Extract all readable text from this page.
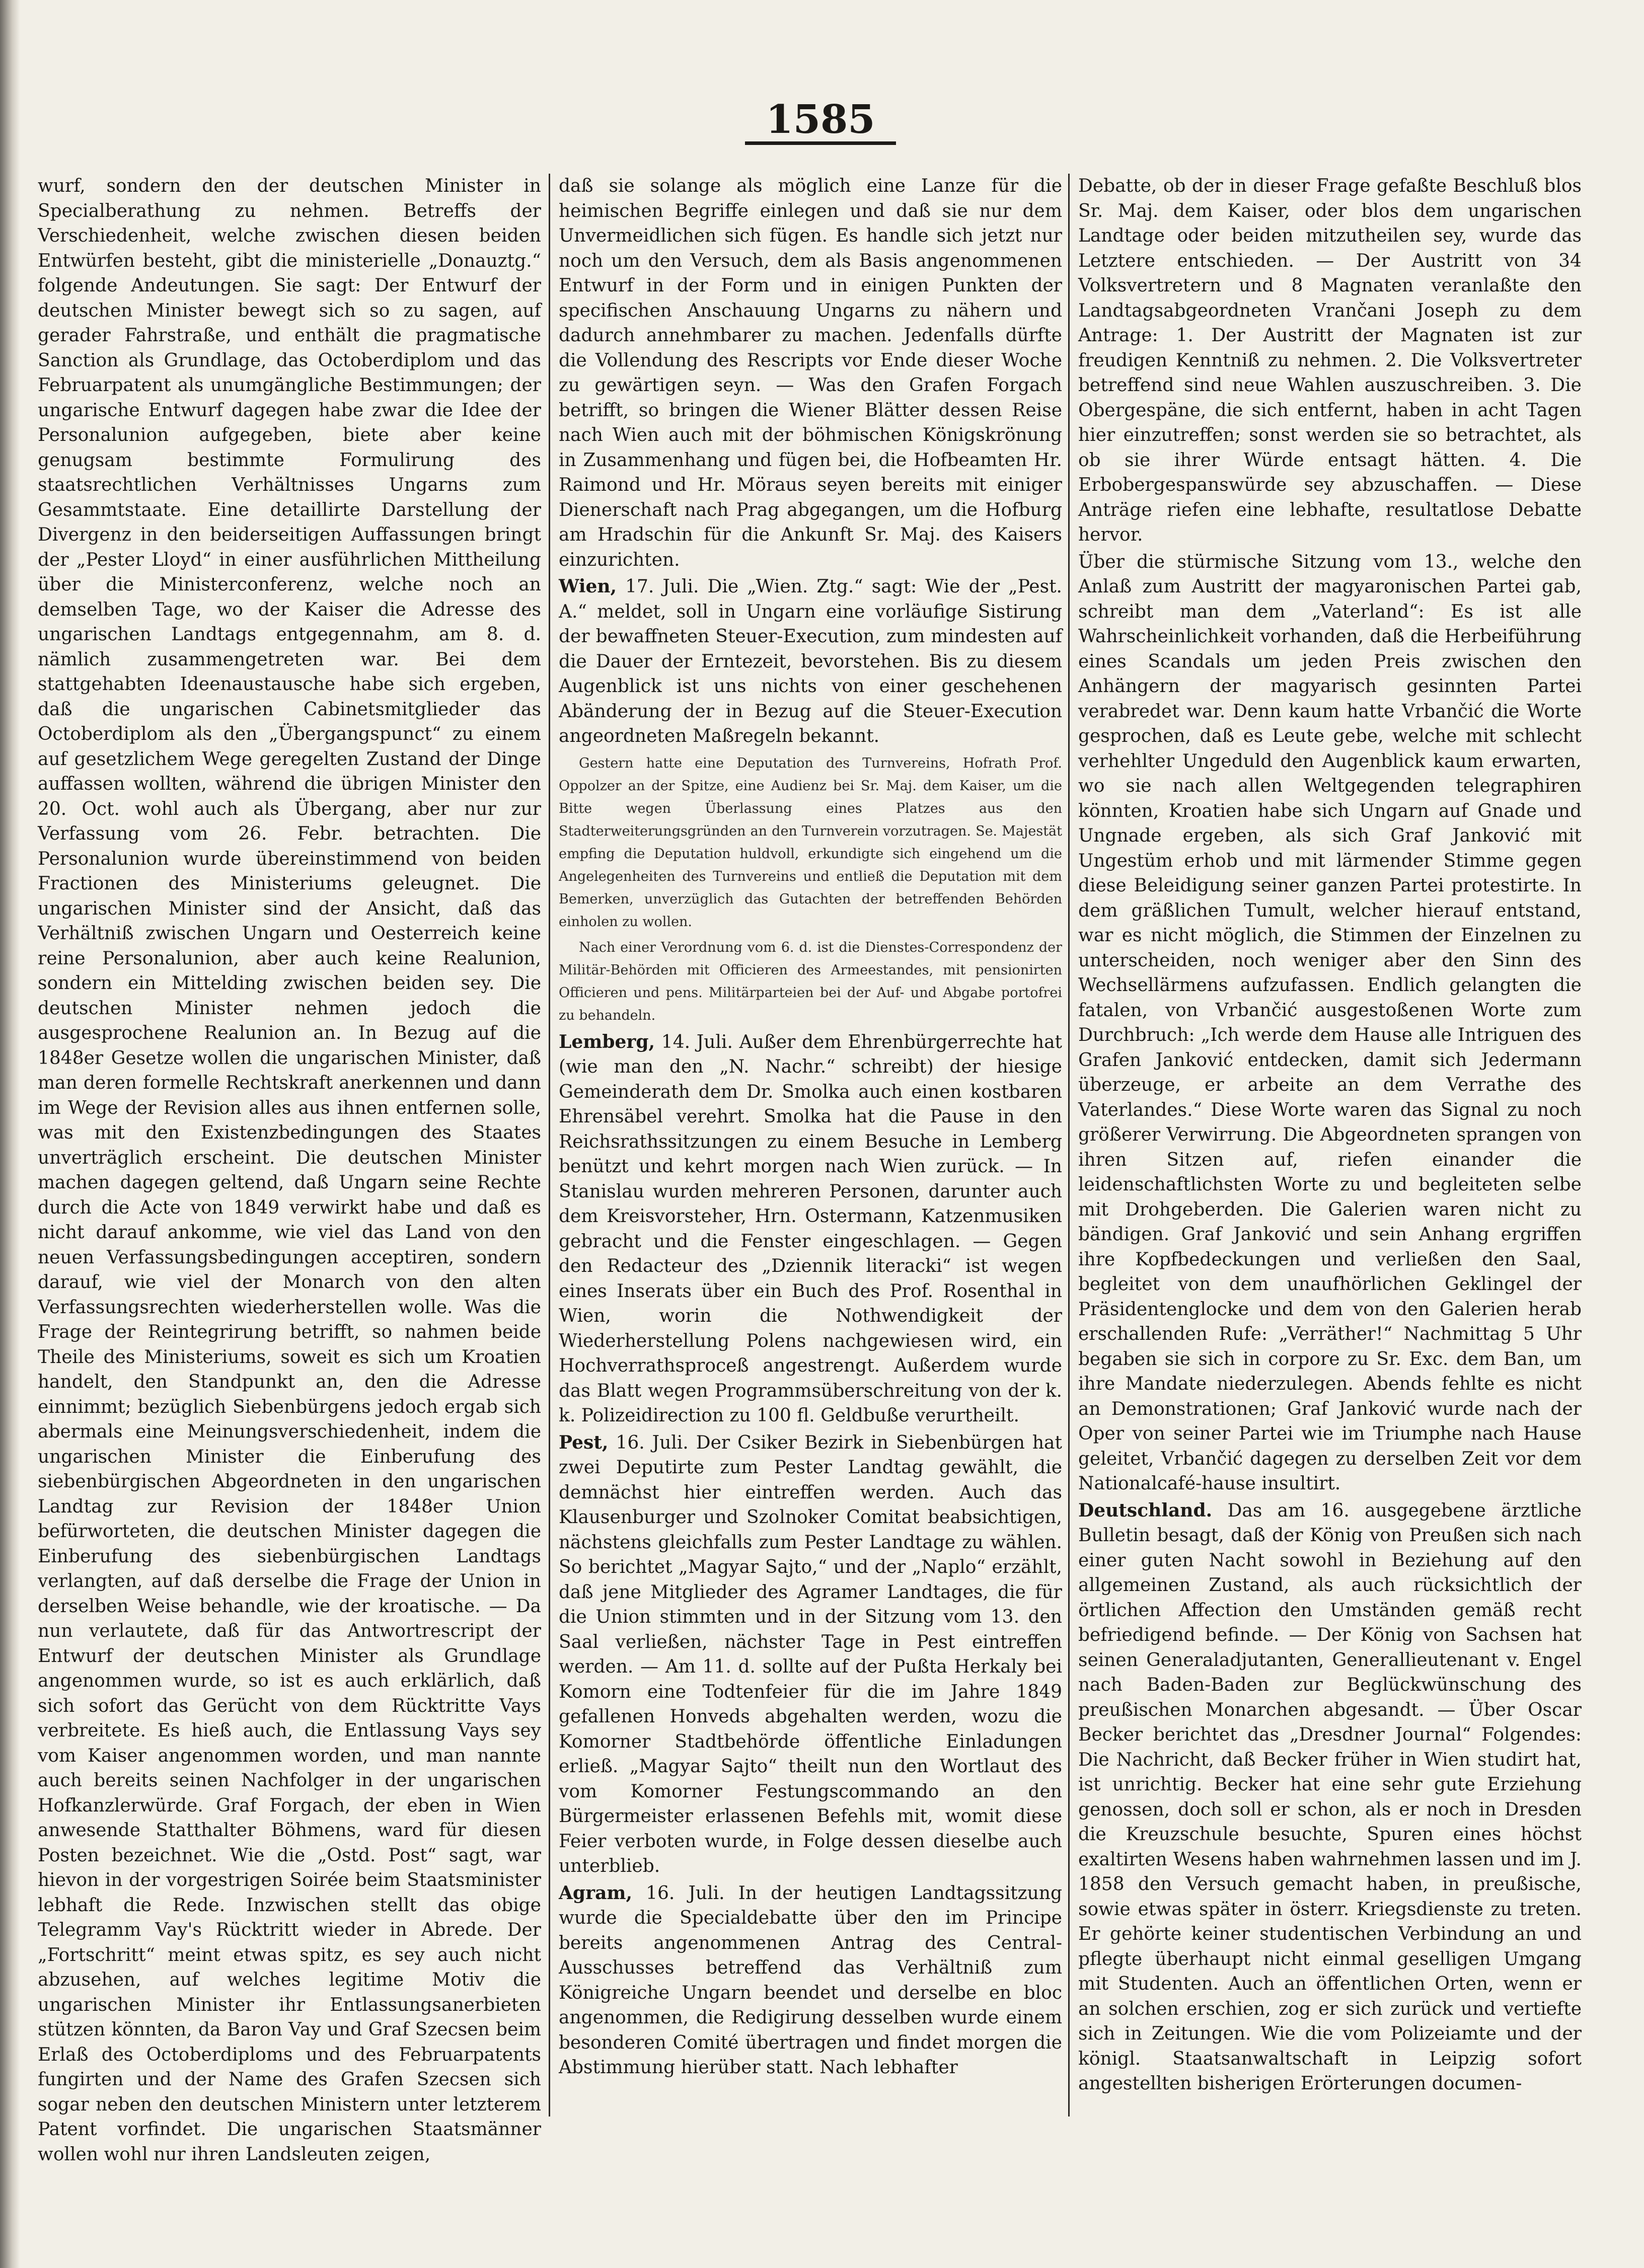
1585

wurf, sondern den der deutschen Minister in Specialberathung zu nehmen. Betreffs der Verschiedenheit, welche zwischen diesen beiden Entwürfen besteht, gibt die ministerielle „Donauztg.“ folgende Andeutungen. Sie sagt: Der Entwurf der deutschen Minister bewegt sich so zu sagen, auf gerader Fahrstraße, und enthält die pragmatische Sanction als Grundlage, das Octoberdiplom und das Februarpatent als unumgängliche Bestimmungen; der ungarische Entwurf dagegen habe zwar die Idee der Personalunion aufgegeben, biete aber keine genugsam bestimmte Formulirung des staatsrechtlichen Verhältnisses Ungarns zum Gesammtstaate. Eine detaillirte Darstellung der Divergenz in den beiderseitigen Auffassungen bringt der „Pester Lloyd“ in einer ausführlichen Mittheilung über die Ministerconferenz, welche noch an demselben Tage, wo der Kaiser die Adresse des ungarischen Landtags entgegennahm, am 8. d. nämlich zusammengetreten war. Bei dem stattgehabten Ideenaustausche habe sich ergeben, daß die ungarischen Cabinetsmitglieder das Octoberdiplom als den „Übergangspunct“ zu einem auf gesetzlichem Wege geregelten Zustand der Dinge auffassen wollten, während die übrigen Minister den 20. Oct. wohl auch als Übergang, aber nur zur Verfassung vom 26. Febr. betrachten. Die Personalunion wurde übereinstimmend von beiden Fractionen des Ministeriums geleugnet. Die ungarischen Minister sind der Ansicht, daß das Verhältniß zwischen Ungarn und Oesterreich keine reine Personalunion, aber auch keine Realunion, sondern ein Mittelding zwischen beiden sey. Die deutschen Minister nehmen jedoch die ausgesprochene Realunion an. In Bezug auf die 1848er Gesetze wollen die ungarischen Minister, daß man deren formelle Rechtskraft anerkennen und dann im Wege der Revision alles aus ihnen entfernen solle, was mit den Existenzbedingungen des Staates unverträglich erscheint. Die deutschen Minister machen dagegen geltend, daß Ungarn seine Rechte durch die Acte von 1849 verwirkt habe und daß es nicht darauf ankomme, wie viel das Land von den neuen Verfassungsbedingungen acceptiren, sondern darauf, wie viel der Monarch von den alten Verfassungsrechten wiederherstellen wolle. Was die Frage der Reintegrirung betrifft, so nahmen beide Theile des Ministeriums, soweit es sich um Kroatien handelt, den Standpunkt an, den die Adresse einnimmt; bezüglich Siebenbürgens jedoch ergab sich abermals eine Meinungsverschiedenheit, indem die ungarischen Minister die Einberufung des siebenbürgischen Abgeordneten in den ungarischen Landtag zur Revision der 1848er Union befürworteten, die deutschen Minister dagegen die Einberufung des siebenbürgischen Landtags verlangten, auf daß derselbe die Frage der Union in derselben Weise behandle, wie der kroatische. — Da nun verlautete, daß für das Antwortrescript der Entwurf der deutschen Minister als Grundlage angenommen wurde, so ist es auch erklärlich, daß sich sofort das Gerücht von dem Rücktritte Vays verbreitete. Es hieß auch, die Entlassung Vays sey vom Kaiser angenommen worden, und man nannte auch bereits seinen Nachfolger in der ungarischen Hofkanzlerwürde. Graf Forgach, der eben in Wien anwesende Statthalter Böhmens, ward für diesen Posten bezeichnet. Wie die „Ostd. Post“ sagt, war hievon in der vorgestrigen Soirée beim Staatsminister lebhaft die Rede. Inzwischen stellt das obige Telegramm Vay's Rücktritt wieder in Abrede. Der „Fortschritt“ meint etwas spitz, es sey auch nicht abzusehen, auf welches legitime Motiv die ungarischen Minister ihr Entlassungsanerbieten stützen könnten, da Baron Vay und Graf Szecsen beim Erlaß des Octoberdiploms und des Februarpatents fungirten und der Name des Grafen Szecsen sich sogar neben den deutschen Ministern unter letzterem Patent vorfindet. Die ungarischen Staatsmänner wollen wohl nur ihren Landsleuten zeigen,

daß sie solange als möglich eine Lanze für die heimischen Begriffe einlegen und daß sie nur dem Unvermeidlichen sich fügen. Es handle sich jetzt nur noch um den Versuch, dem als Basis angenommenen Entwurf in der Form und in einigen Punkten der specifischen Anschauung Ungarns zu nähern und dadurch annehmbarer zu machen. Jedenfalls dürfte die Vollendung des Rescripts vor Ende dieser Woche zu gewärtigen seyn. — Was den Grafen Forgach betrifft, so bringen die Wiener Blätter dessen Reise nach Wien auch mit der böhmischen Königskrönung in Zusammenhang und fügen bei, die Hofbeamten Hr. Raimond und Hr. Möraus seyen bereits mit einiger Dienerschaft nach Prag abgegangen, um die Hofburg am Hradschin für die Ankunft Sr. Maj. des Kaisers einzurichten.

Wien, 17. Juli. Die „Wien. Ztg.“ sagt: Wie der „Pest. A.“ meldet, soll in Ungarn eine vorläufige Sistirung der bewaffneten Steuer-Execution, zum mindesten auf die Dauer der Erntezeit, bevorstehen. Bis zu diesem Augenblick ist uns nichts von einer geschehenen Abänderung der in Bezug auf die Steuer-Execution angeordneten Maßregeln bekannt.

Gestern hatte eine Deputation des Turnvereins, Hofrath Prof. Oppolzer an der Spitze, eine Audienz bei Sr. Maj. dem Kaiser, um die Bitte wegen Überlassung eines Platzes aus den Stadterweiterungsgründen an den Turnverein vorzutragen. Se. Majestät empfing die Deputation huldvoll, erkundigte sich eingehend um die Angelegenheiten des Turnvereins und entließ die Deputation mit dem Bemerken, unverzüglich das Gutachten der betreffenden Behörden einholen zu wollen.

Nach einer Verordnung vom 6. d. ist die Dienstes-Correspondenz der Militär-Behörden mit Officieren des Armeestandes, mit pensionirten Officieren und pens. Militärparteien bei der Auf- und Abgabe portofrei zu behandeln.

Lemberg, 14. Juli. Außer dem Ehrenbürgerrechte hat (wie man den „N. Nachr.“ schreibt) der hiesige Gemeinderath dem Dr. Smolka auch einen kostbaren Ehrensäbel verehrt. Smolka hat die Pause in den Reichsrathssitzungen zu einem Besuche in Lemberg benützt und kehrt morgen nach Wien zurück. — In Stanislau wurden mehreren Personen, darunter auch dem Kreisvorsteher, Hrn. Ostermann, Katzenmusiken gebracht und die Fenster eingeschlagen. — Gegen den Redacteur des „Dziennik literacki“ ist wegen eines Inserats über ein Buch des Prof. Rosenthal in Wien, worin die Nothwendigkeit der Wiederherstellung Polens nachgewiesen wird, ein Hochverrathsproceß angestrengt. Außerdem wurde das Blatt wegen Programmsüberschreitung von der k. k. Polizeidirection zu 100 fl. Geldbuße verurtheilt.

Pest, 16. Juli. Der Csiker Bezirk in Siebenbürgen hat zwei Deputirte zum Pester Landtag gewählt, die demnächst hier eintreffen werden. Auch das Klausenburger und Szolnoker Comitat beabsichtigen, nächstens gleichfalls zum Pester Landtage zu wählen. So berichtet „Magyar Sajto,“ und der „Naplo“ erzählt, daß jene Mitglieder des Agramer Landtages, die für die Union stimmten und in der Sitzung vom 13. den Saal verließen, nächster Tage in Pest eintreffen werden. — Am 11. d. sollte auf der Pußta Herkaly bei Komorn eine Todtenfeier für die im Jahre 1849 gefallenen Honveds abgehalten werden, wozu die Komorner Stadtbehörde öffentliche Einladungen erließ. „Magyar Sajto“ theilt nun den Wortlaut des vom Komorner Festungscommando an den Bürgermeister erlassenen Befehls mit, womit diese Feier verboten wurde, in Folge dessen dieselbe auch unterblieb.

Agram, 16. Juli. In der heutigen Landtagssitzung wurde die Specialdebatte über den im Principe bereits angenommenen Antrag des Central-Ausschusses betreffend das Verhältniß zum Königreiche Ungarn beendet und derselbe en bloc angenommen, die Redigirung desselben wurde einem besonderen Comité übertragen und findet morgen die Abstimmung hierüber statt. Nach lebhafter

Debatte, ob der in dieser Frage gefaßte Beschluß blos Sr. Maj. dem Kaiser, oder blos dem ungarischen Landtage oder beiden mitzutheilen sey, wurde das Letztere entschieden. — Der Austritt von 34 Volksvertretern und 8 Magnaten veranlaßte den Landtagsabgeordneten Vrančani Joseph zu dem Antrage: 1. Der Austritt der Magnaten ist zur freudigen Kenntniß zu nehmen. 2. Die Volksvertreter betreffend sind neue Wahlen auszuschreiben. 3. Die Obergespäne, die sich entfernt, haben in acht Tagen hier einzutreffen; sonst werden sie so betrachtet, als ob sie ihrer Würde entsagt hätten. 4. Die Erbobergespanswürde sey abzuschaffen. — Diese Anträge riefen eine lebhafte, resultatlose Debatte hervor.

Über die stürmische Sitzung vom 13., welche den Anlaß zum Austritt der magyaronischen Partei gab, schreibt man dem „Vaterland“: Es ist alle Wahrscheinlichkeit vorhanden, daß die Herbeiführung eines Scandals um jeden Preis zwischen den Anhängern der magyarisch gesinnten Partei verabredet war. Denn kaum hatte Vrbančić die Worte gesprochen, daß es Leute gebe, welche mit schlecht verhehlter Ungeduld den Augenblick kaum erwarten, wo sie nach allen Weltgegenden telegraphiren könnten, Kroatien habe sich Ungarn auf Gnade und Ungnade ergeben, als sich Graf Janković mit Ungestüm erhob und mit lärmender Stimme gegen diese Beleidigung seiner ganzen Partei protestirte. In dem gräßlichen Tumult, welcher hierauf entstand, war es nicht möglich, die Stimmen der Einzelnen zu unterscheiden, noch weniger aber den Sinn des Wechsellärmens aufzufassen. Endlich gelangten die fatalen, von Vrbančić ausgestoßenen Worte zum Durchbruch: „Ich werde dem Hause alle Intriguen des Grafen Janković entdecken, damit sich Jedermann überzeuge, er arbeite an dem Verrathe des Vaterlandes.“ Diese Worte waren das Signal zu noch größerer Verwirrung. Die Abgeordneten sprangen von ihren Sitzen auf, riefen einander die leidenschaftlichsten Worte zu und begleiteten selbe mit Drohgeberden. Die Galerien waren nicht zu bändigen. Graf Janković und sein Anhang ergriffen ihre Kopfbedeckungen und verließen den Saal, begleitet von dem unaufhörlichen Geklingel der Präsidentenglocke und dem von den Galerien herab erschallenden Rufe: „Verräther!“ Nachmittag 5 Uhr begaben sie sich in corpore zu Sr. Exc. dem Ban, um ihre Mandate niederzulegen. Abends fehlte es nicht an Demonstrationen; Graf Janković wurde nach der Oper von seiner Partei wie im Triumphe nach Hause geleitet, Vrbančić dagegen zu derselben Zeit vor dem Nationalcafé-hause insultirt.

Deutschland. Das am 16. ausgegebene ärztliche Bulletin besagt, daß der König von Preußen sich nach einer guten Nacht sowohl in Beziehung auf den allgemeinen Zustand, als auch rücksichtlich der örtlichen Affection den Umständen gemäß recht befriedigend befinde. — Der König von Sachsen hat seinen Generaladjutanten, Generallieutenant v. Engel nach Baden-Baden zur Beglückwünschung des preußischen Monarchen abgesandt. — Über Oscar Becker berichtet das „Dresdner Journal“ Folgendes: Die Nachricht, daß Becker früher in Wien studirt hat, ist unrichtig. Becker hat eine sehr gute Erziehung genossen, doch soll er schon, als er noch in Dresden die Kreuzschule besuchte, Spuren eines höchst exaltirten Wesens haben wahrnehmen lassen und im J. 1858 den Versuch gemacht haben, in preußische, sowie etwas später in österr. Kriegsdienste zu treten. Er gehörte keiner studentischen Verbindung an und pflegte überhaupt nicht einmal geselligen Umgang mit Studenten. Auch an öffentlichen Orten, wenn er an solchen erschien, zog er sich zurück und vertiefte sich in Zeitungen. Wie die vom Polizeiamte und der königl. Staatsanwaltschaft in Leipzig sofort angestellten bisherigen Erörterungen documen-
